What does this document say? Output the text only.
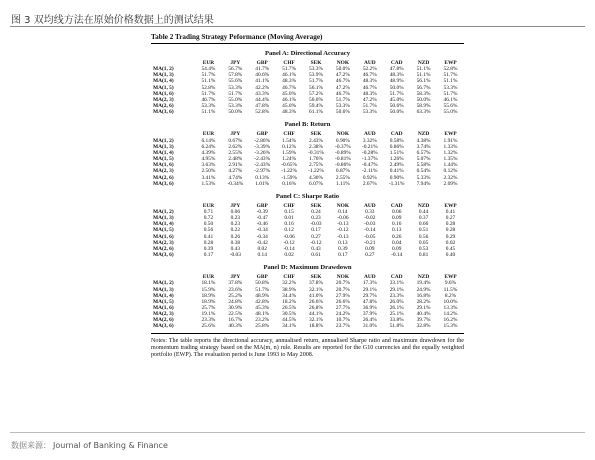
图 3 双均线方法在原始价格数据上的测试结果
Table 2 Trading Strategy Peformance (Moving Average)
Panel A: Directional Accuracy
	EUR	JPY	GBP	CHF	SEK	NOK	AUD	CAD	NZD	EWP
MA(1, 2)	54.4%	56.7%	41.7%	51.7%	53.3%	50.0%	52.2%	47.8%	51.1%	52.8%
MA(1, 3)	51.7%	57.8%	40.6%	46.1%	53.9%	47.2%	46.7%	48.3%	51.1%	51.7%
MA(1, 4)	51.1%	55.6%	41.1%	48.3%	51.7%	46.7%	48.3%	48.9%	56.1%	51.1%
MA(1, 5)	52.8%	53.3%	42.2%	46.7%	56.1%	47.2%	46.7%	50.0%	56.7%	53.3%
MA(1, 6)	51.7%	51.7%	43.3%	45.0%	57.2%	46.7%	48.3%	51.7%	58.3%	51.7%
MA(2, 3)	46.7%	55.0%	44.4%	46.1%	50.0%	51.7%	47.2%	45.0%	50.0%	46.1%
MA(2, 6)	53.3%	53.3%	47.8%	45.0%	59.4%	53.3%	51.7%	50.6%	58.9%	55.6%
MA(3, 6)	51.1%	50.0%	52.8%	48.3%	61.1%	50.6%	53.3%	50.0%	63.3%	55.0%
Panel B: Return
	EUR	JPY	GBP	CHF	SEK	NOK	AUD	CAD	NZD	EWP
MA(1, 2)	6.14%	0.67%	-2.80%	1.54%	2.43%	0.90%	3.32%	0.58%	4.38%	1.91%
MA(1, 3)	6.24%	2.62%	-3.39%	0.12%	2.38%	-0.37%	-0.21%	0.86%	3.74%	1.33%
MA(1, 4)	4.39%	2.55%	-3.26%	1.59%	-0.31%	-0.89%	-0.28%	1.51%	6.57%	1.32%
MA(1, 5)	4.95%	2.48%	-2.43%	1.24%	1.76%	-0.81%	-1.37%	1.26%	5.07%	1.35%
MA(1, 6)	3.63%	2.91%	-2.43%	-0.65%	2.75%	-0.86%	-0.47%	2.49%	5.58%	1.44%
MA(2, 3)	2.50%	4.27%	-2.97%	-1.22%	-1.22%	0.87%	-2.11%	0.41%	0.54%	0.12%
MA(2, 6)	3.41%	4.74%	0.13%	-1.59%	4.30%	2.55%	0.92%	0.90%	5.33%	2.32%
MA(3, 6)	1.53%	-0.34%	1.01%	0.16%	6.07%	1.11%	2.67%	-1.31%	7.94%	2.09%
Panel C: Sharpe Ratio
	EUR	JPY	GBP	CHF	SEK	NOK	AUD	CAD	NZD	EWP
MA(1, 2)	0.71	0.06	-0.39	0.15	0.24	0.14	0.33	0.06	0.44	0.41
MA(1, 3)	0.72	0.23	-0.47	0.01	0.23	-0.06	-0.02	0.09	0.37	0.27
MA(1, 4)	0.50	0.23	-0.46	0.16	-0.03	-0.13	-0.03	0.16	0.66	0.28
MA(1, 5)	0.56	0.22	-0.34	0.12	0.17	-0.12	-0.14	0.13	0.51	0.28
MA(1, 6)	0.41	0.26	-0.34	-0.06	0.27	-0.13	-0.05	0.26	0.56	0.29
MA(2, 3)	0.28	0.38	-0.42	-0.12	-0.12	0.13	-0.21	0.04	0.05	0.02
MA(2, 6)	0.39	0.43	0.02	-0.14	0.43	0.39	0.09	0.09	0.53	0.45
MA(3, 6)	0.17	-0.03	0.14	0.02	0.61	0.17	0.27	-0.14	0.81	0.40
Panel D: Maximum Drawdown
	EUR	JPY	GBP	CHF	SEK	NOK	AUD	CAD	NZD	EWP
MA(1, 2)	18.1%	37.8%	50.8%	32.2%	37.8%	20.7%	17.3%	33.1%	19.4%	9.6%
MA(1, 3)	15.9%	23.6%	51.7%	38.9%	32.1%	20.7%	29.1%	29.1%	24.9%	11.5%
MA(1, 4)	18.9%	25.2%	48.9%	34.4%	41.0%	27.9%	29.7%	23.3%	16.8%	8.2%
MA(1, 5)	18.9%	24.8%	42.8%	18.2%	26.6%	26.6%	47.8%	26.0%	28.2%	10.0%
MA(1, 6)	25.7%	30.9%	45.3%	26.5%	26.8%	27.7%	36.9%	26.1%	29.1%	13.3%
MA(2, 3)	19.1%	22.5%	48.1%	30.5%	44.1%	24.2%	37.9%	25.1%	40.4%	14.2%
MA(2, 6)	23.3%	16.7%	23.2%	44.5%	32.1%	10.7%	26.4%	33.8%	39.7%	16.2%
MA(3, 6)	25.6%	40.3%	25.8%	34.1%	18.8%	23.7%	31.0%	51.8%	32.8%	15.3%
Notes: The table reports the directional accuracy, annualised return, annualised Sharpe ratio and maximum drawdown for the momentum trading strategy based on the MA(m, n) rule. Results are reported for the G10 currencies and the equally weighted portfolio (EWP). The evaluation period is June 1993 to May 2008.
数据来源： Journal of Banking & Finance
